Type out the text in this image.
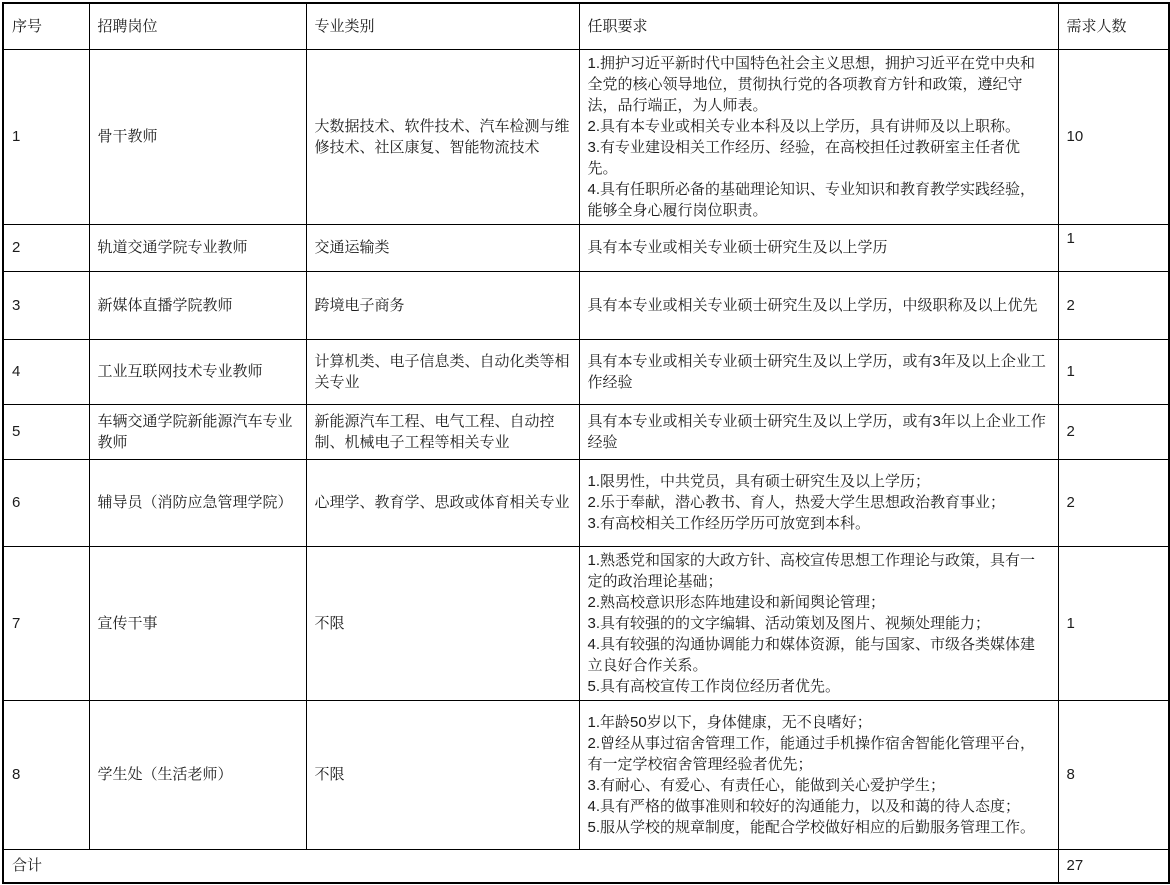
序号	招聘岗位	专业类别	任职要求	需求人数
1	骨干教师	大数据技术、软件技术、汽车检测与维修技术、社区康复、智能物流技术	1.拥护习近平新时代中国特色社会主义思想，拥护习近平在党中央和全党的核心领导地位，贯彻执行党的各项教育方针和政策，遵纪守法，品行端正，为人师表。
2.具有本专业或相关专业本科及以上学历，具有讲师及以上职称。
3.有专业建设相关工作经历、经验，在高校担任过教研室主任者优先。
4.具有任职所必备的基础理论知识、专业知识和教育教学实践经验，能够全身心履行岗位职责。	10
2	轨道交通学院专业教师	交通运输类	具有本专业或相关专业硕士研究生及以上学历	1
3	新媒体直播学院教师	跨境电子商务	具有本专业或相关专业硕士研究生及以上学历，中级职称及以上优先	2
4	工业互联网技术专业教师	计算机类、电子信息类、自动化类等相关专业	具有本专业或相关专业硕士研究生及以上学历，或有3年及以上企业工作经验	1
5	车辆交通学院新能源汽车专业教师	新能源汽车工程、电气工程、自动控制、机械电子工程等相关专业	具有本专业或相关专业硕士研究生及以上学历，或有3年以上企业工作经验	2
6	辅导员（消防应急管理学院）	心理学、教育学、思政或体育相关专业	1.限男性，中共党员，具有硕士研究生及以上学历；
2.乐于奉献，潜心教书、育人，热爱大学生思想政治教育事业；
3.有高校相关工作经历学历可放宽到本科。	2
7	宣传干事	不限	1.熟悉党和国家的大政方针、高校宣传思想工作理论与政策，具有一定的政治理论基础；
2.熟高校意识形态阵地建设和新闻舆论管理；
3.具有较强的的文字编辑、活动策划及图片、视频处理能力；
4.具有较强的沟通协调能力和媒体资源，能与国家、市级各类媒体建立良好合作关系。
5.具有高校宣传工作岗位经历者优先。	1
8	学生处（生活老师）	不限	1.年龄50岁以下，身体健康，无不良嗜好；
2.曾经从事过宿舍管理工作，能通过手机操作宿舍智能化管理平台，有一定学校宿舍管理经验者优先；
3.有耐心、有爱心、有责任心，能做到关心爱护学生；
4.具有严格的做事准则和较好的沟通能力，以及和蔼的待人态度；
5.服从学校的规章制度，能配合学校做好相应的后勤服务管理工作。	8
合计				27
